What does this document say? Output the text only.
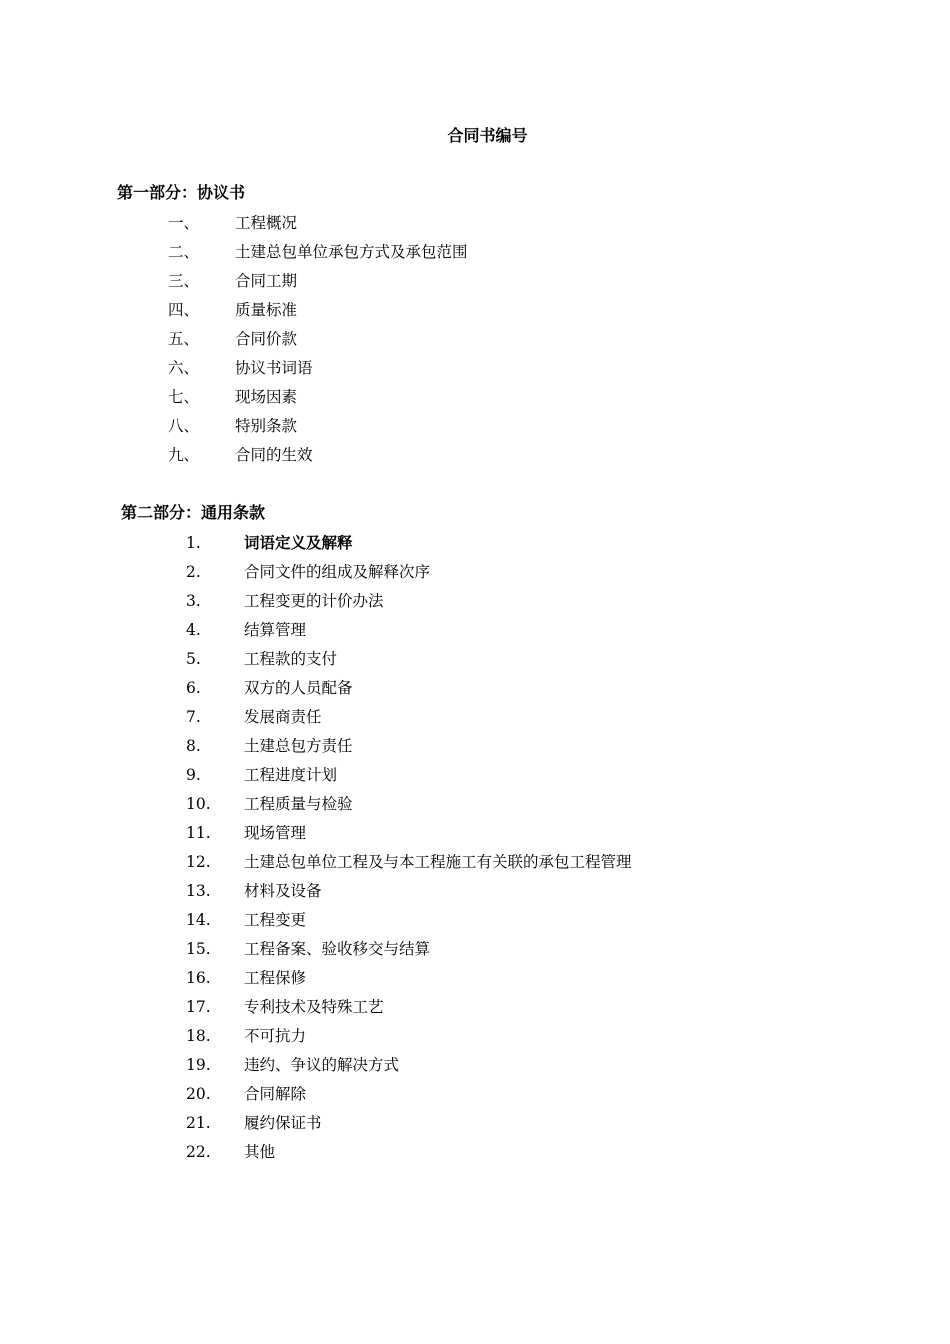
合同书编号
第一部分：协议书
一、	工程概况
二、	土建总包单位承包方式及承包范围
三、	合同工期
四、	质量标准
五、	合同价款
六、	协议书词语
七、	现场因素
八、	特别条款
九、	合同的生效
第二部分：通用条款
1.	词语定义及解释
2.	合同文件的组成及解释次序
3.	工程变更的计价办法
4.	结算管理
5.	工程款的支付
6.	双方的人员配备
7.	发展商责任
8.	土建总包方责任
9.	工程进度计划
10.	工程质量与检验
11.	现场管理
12.	土建总包单位工程及与本工程施工有关联的承包工程管理
13.	材料及设备
14.	工程变更
15.	工程备案、验收移交与结算
16.	工程保修
17.	专利技术及特殊工艺
18.	不可抗力
19.	违约、争议的解决方式
20.	合同解除
21.	履约保证书
22.	其他
